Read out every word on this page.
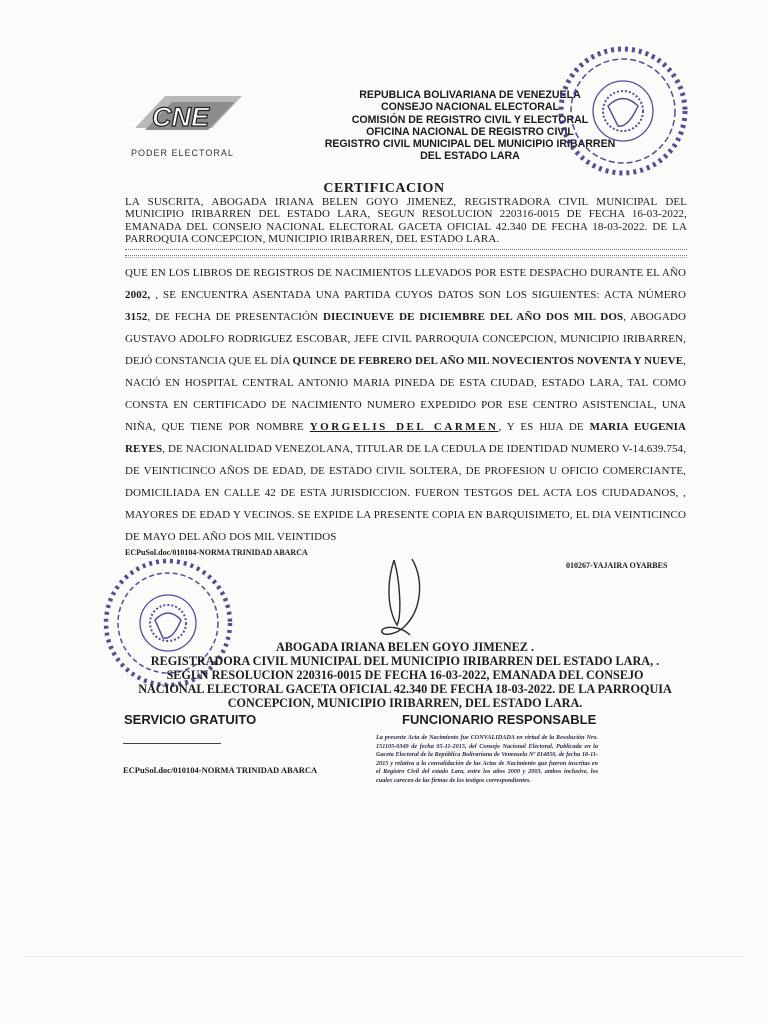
CNE
PODER ELECTORAL
REPUBLICA BOLIVARIANA DE VENEZUELA
CONSEJO NACIONAL ELECTORAL
COMISIÓN DE REGISTRO CIVIL Y ELECTORAL
OFICINA NACIONAL DE REGISTRO CIVIL
REGISTRO CIVIL MUNICIPAL DEL MUNICIPIO IRIBARREN
DEL ESTADO LARA
CERTIFICACION
LA SUSCRITA, ABOGADA IRIANA BELEN GOYO JIMENEZ, REGISTRADORA CIVIL MUNICIPAL DEL MUNICIPIO IRIBARREN DEL ESTADO LARA, SEGUN RESOLUCION 220316-0015 DE FECHA 16-03-2022, EMANADA DEL CONSEJO NACIONAL ELECTORAL GACETA OFICIAL 42.340 DE FECHA 18-03-2022. DE LA PARROQUIA CONCEPCION, MUNICIPIO IRIBARREN, DEL ESTADO LARA.
QUE EN LOS LIBROS DE REGISTROS DE NACIMIENTOS LLEVADOS POR ESTE DESPACHO DURANTE EL AÑO 2002, , SE ENCUENTRA ASENTADA UNA PARTIDA CUYOS DATOS SON LOS SIGUIENTES: ACTA NÚMERO 3152, DE FECHA DE PRESENTACIÓN DIECINUEVE DE DICIEMBRE DEL AÑO DOS MIL DOS, ABOGADO GUSTAVO ADOLFO RODRIGUEZ ESCOBAR, JEFE CIVIL PARROQUIA CONCEPCION, MUNICIPIO IRIBARREN, DEJÓ CONSTANCIA QUE EL DÍA QUINCE DE FEBRERO DEL AÑO MIL NOVECIENTOS NOVENTA Y NUEVE, NACIÓ EN HOSPITAL CENTRAL ANTONIO MARIA PINEDA DE ESTA CIUDAD, ESTADO LARA, TAL COMO CONSTA EN CERTIFICADO DE NACIMIENTO NUMERO EXPEDIDO POR ESE CENTRO ASISTENCIAL, UNA NIÑA, QUE TIENE POR NOMBRE YORGELIS DEL CARMEN, Y ES HIJA DE MARIA EUGENIA REYES, DE NACIONALIDAD VENEZOLANA, TITULAR DE LA CEDULA DE IDENTIDAD NUMERO V-14.639.754, DE VEINTICINCO AÑOS DE EDAD, DE ESTADO CIVIL SOLTERA, DE PROFESION U OFICIO COMERCIANTE, DOMICILIADA EN CALLE 42 DE ESTA JURISDICCION. FUERON TESTGOS DEL ACTA LOS CIUDADANOS, , MAYORES DE EDAD Y VECINOS. SE EXPIDE LA PRESENTE COPIA EN BARQUISIMETO, EL DIA VEINTICINCO DE MAYO DEL AÑO DOS MIL VEINTIDOS
ECPuSol.doc/010104-NORMA TRINIDAD ABARCA
010267-YAJAIRA OYARBES
ABOGADA IRIANA BELEN GOYO JIMENEZ .
REGISTRADORA CIVIL MUNICIPAL DEL MUNICIPIO IRIBARREN DEL ESTADO LARA, .
SEGUN RESOLUCION 220316-0015 DE FECHA 16-03-2022, EMANADA DEL CONSEJO
NACIONAL ELECTORAL GACETA OFICIAL 42.340 DE FECHA 18-03-2022. DE LA PARROQUIA
CONCEPCION, MUNICIPIO IRIBARREN, DEL ESTADO LARA.
SERVICIO GRATUITO	FUNCIONARIO RESPONSABLE
ECPuSol.doc/010104-NORMA TRINIDAD ABARCA
La presente Acta de Nacimiento fue CONVALIDADA en virtud de la Resolución Nro. 151105-0349 de fecha 05-11-2015, del Consejo Nacional Electoral, Publicada en la Gaceta Electoral de la República Bolivariana de Venezuela Nº 814850, de fecha 18-11-2015 y relativa a la convalidación de las Actas de Nacimiento que fueron inscritas en el Registro Civil del estado Lara, entre los años 2000 y 2003, ambos inclusive, los cuales carecen de las firmas de los testigos correspondientes.
